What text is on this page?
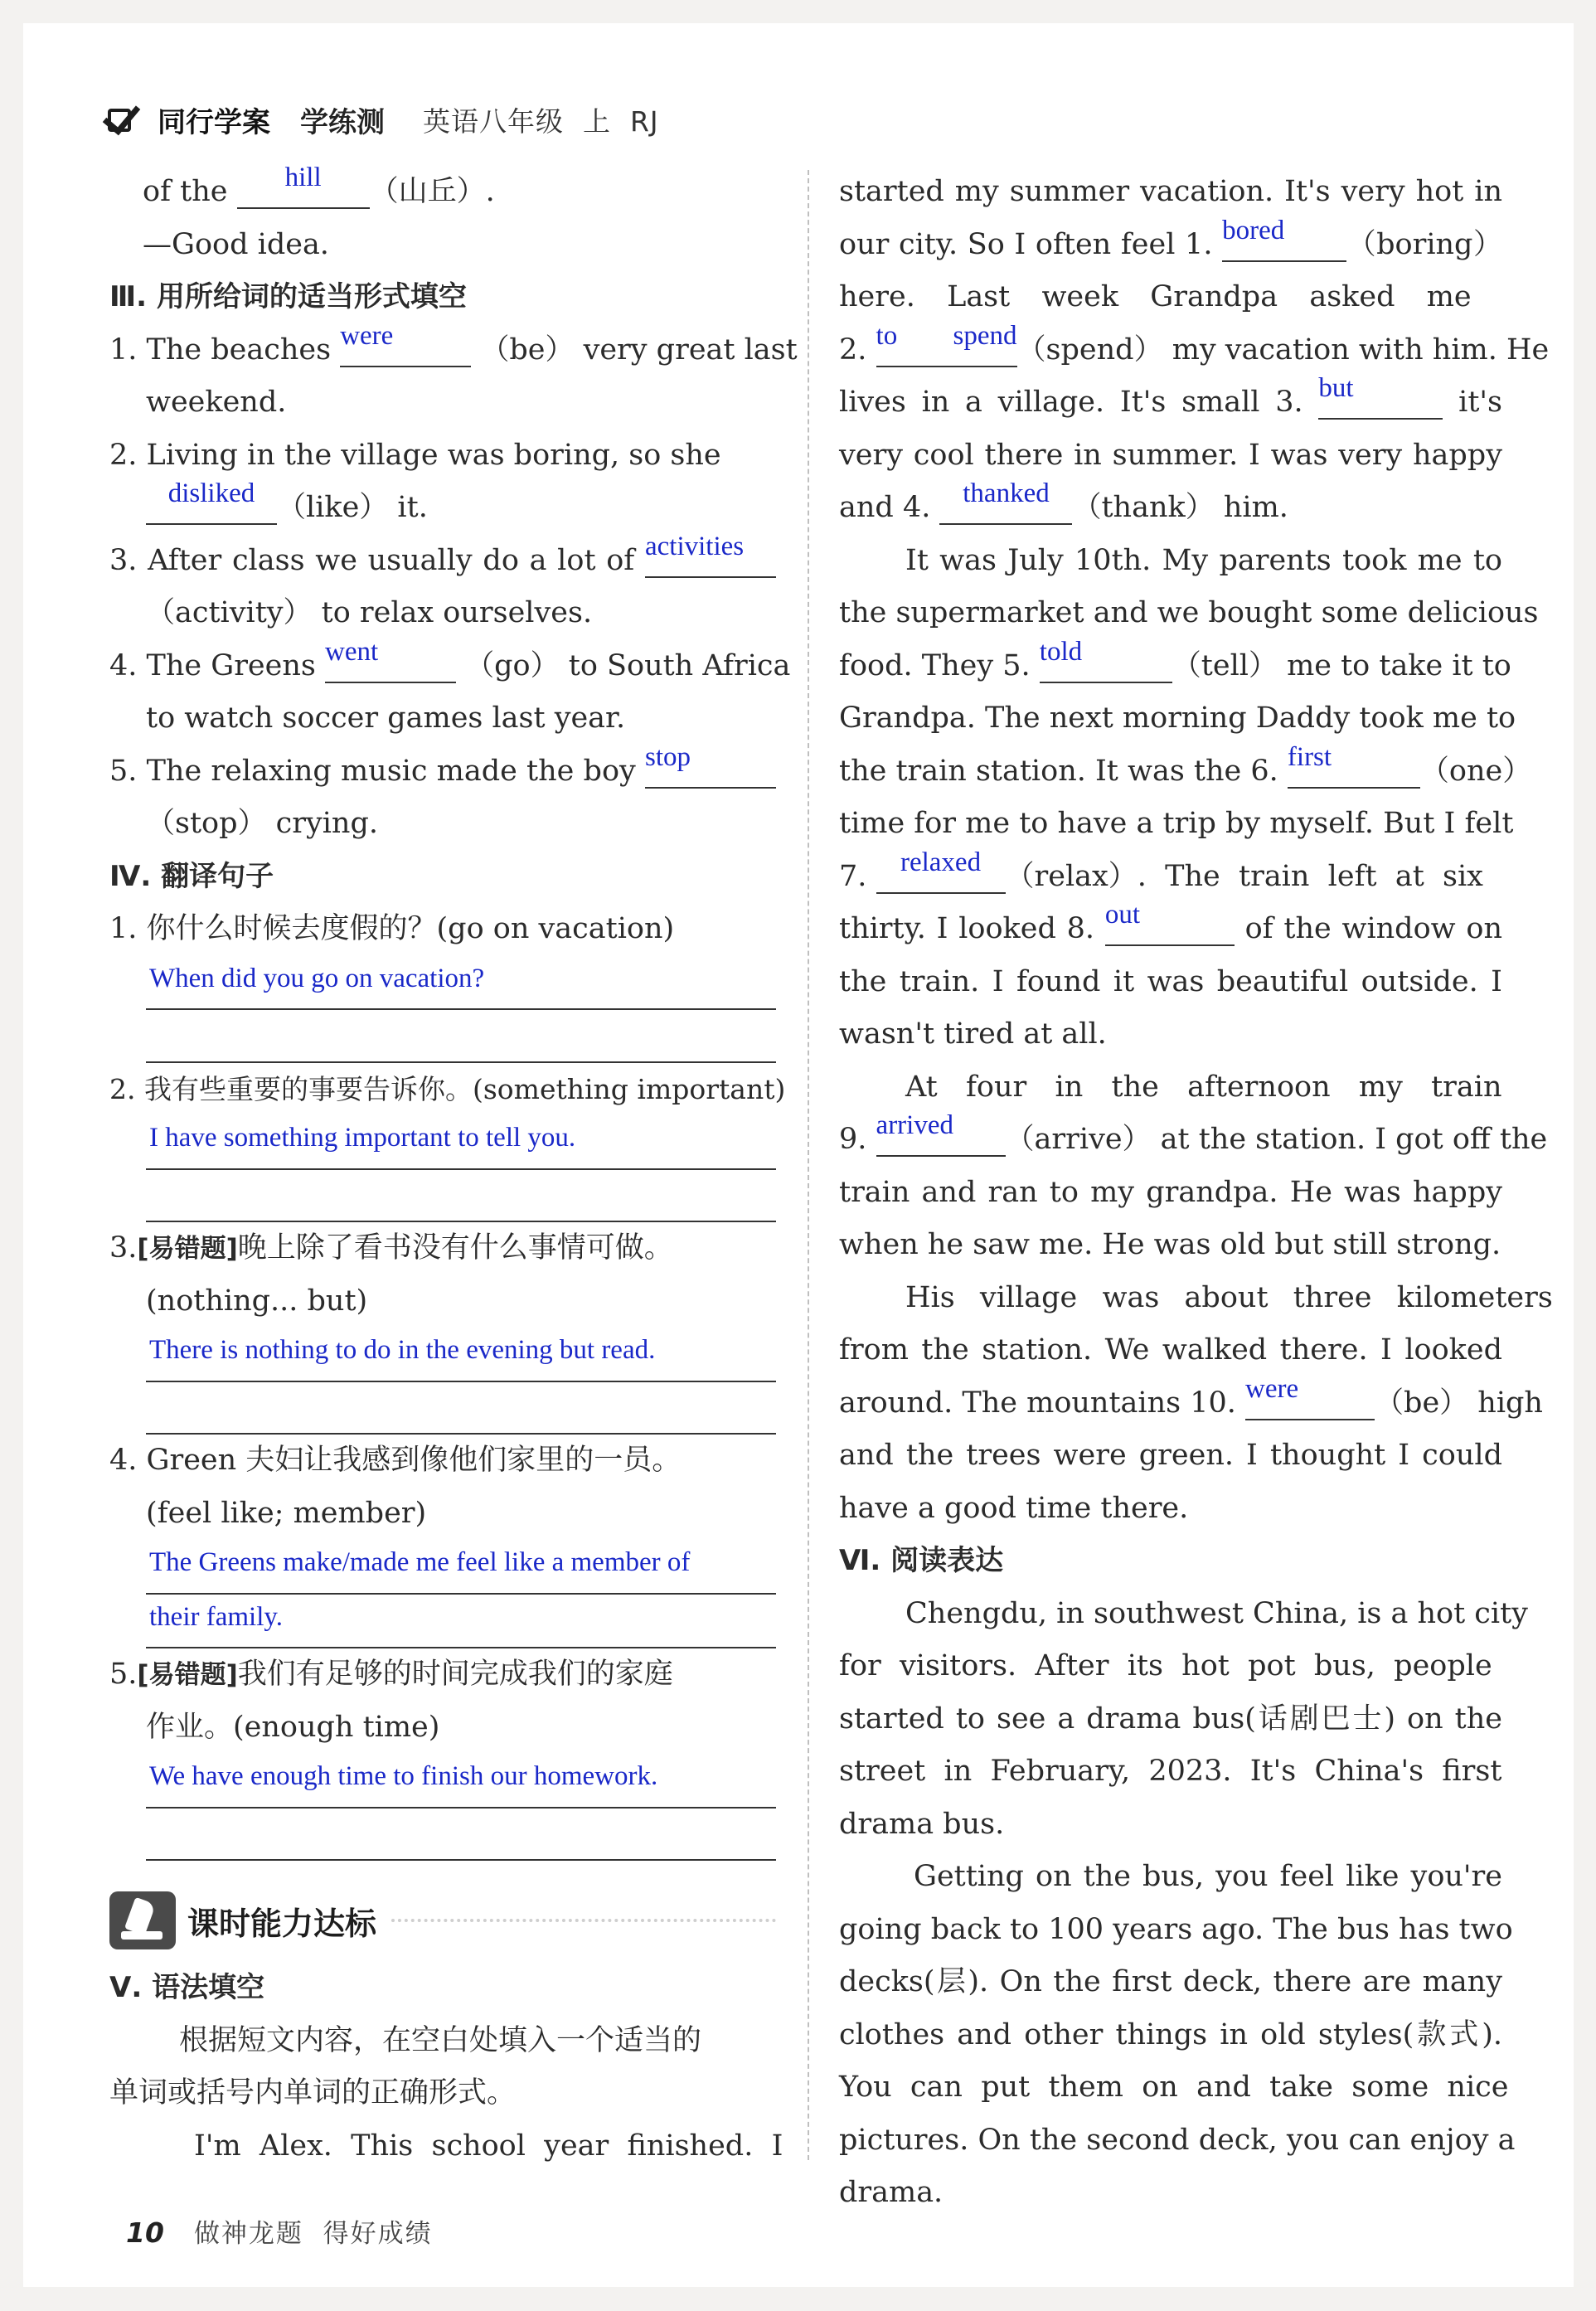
同行学案 学练测 英语八年级  上  RJ
of the hill （山丘）.
—Good idea.
Ⅲ. 用所给词的适当形式填空
1. The beaches were	（be） very great last
weekend.
2. Living in the village was boring, so she
disliked （like） it.
3. After class we usually do a lot of activities
（activity） to relax ourselves.
4. The Greens went	（go） to South Africa
to watch soccer games last year.
5. The relaxing music made the boy stop
（stop） crying.
Ⅳ. 翻译句子
1. 你什么时候去度假的？(go on vacation)
When did you go on vacation?
2. 我有些重要的事要告诉你。(something important)
I have something important to tell you.
3.[易错题]晚上除了看书没有什么事情可做。
(nothing... but)
There is nothing to do in the evening but read.
4. Green 夫妇让我感到像他们家里的一员。
(feel like; member)
The Greens make/made me feel like a member of
their family.
5.[易错题]我们有足够的时间完成我们的家庭
作业。(enough time)
We have enough time to finish our homework.
课时能力达标
Ⅴ. 语法填空
根据短文内容，在空白处填入一个适当的
单词或括号内单词的正确形式。
I'm  Alex.  This  school  year  finished.  I
started my summer vacation. It's very hot in
our city. So I often feel 1. bored （boring）
here.  Last  week  Grandpa  asked  me
2. to spend（spend） my vacation with him. He
lives in a village. It's small 3. but	it's
very cool there in summer. I was very happy
and 4. thanked （thank） him.
It was July 10th. My parents took me to
the supermarket and we bought some delicious
food. They 5. told	（tell） me to take it to
Grandpa. The next morning Daddy took me to
the train station. It was the 6. first	（one）
time for me to have a trip by myself. But I felt
7. relaxed （relax）.  The  train  left  at  six
thirty. I looked 8. out	of the window on
the train. I found it was beautiful outside. I
wasn't tired at all.
At  four  in  the  afternoon  my  train
9. arrived （arrive） at the station. I got off the
train and ran to my grandpa. He was happy
when he saw me. He was old but still strong.
His  village  was  about  three  kilometers
from the station. We walked there. I looked
around. The mountains 10. were	（be） high
and the trees were green. I thought I could
have a good time there.
Ⅵ. 阅读表达
Chengdu, in southwest China, is a hot city
for  visitors.  After  its  hot  pot  bus,  people
started to see a drama bus(话剧巴士) on the
street  in  February,  2023.  It's  China's  first
drama bus.
Getting on the bus, you feel like you're
going back to 100 years ago. The bus has two
decks(层). On the first deck, there are many
clothes and other things in old styles(款式).
You  can  put  them  on  and  take  some  nice
pictures. On the second deck, you can enjoy a
drama.
10 做神龙题  得好成绩
